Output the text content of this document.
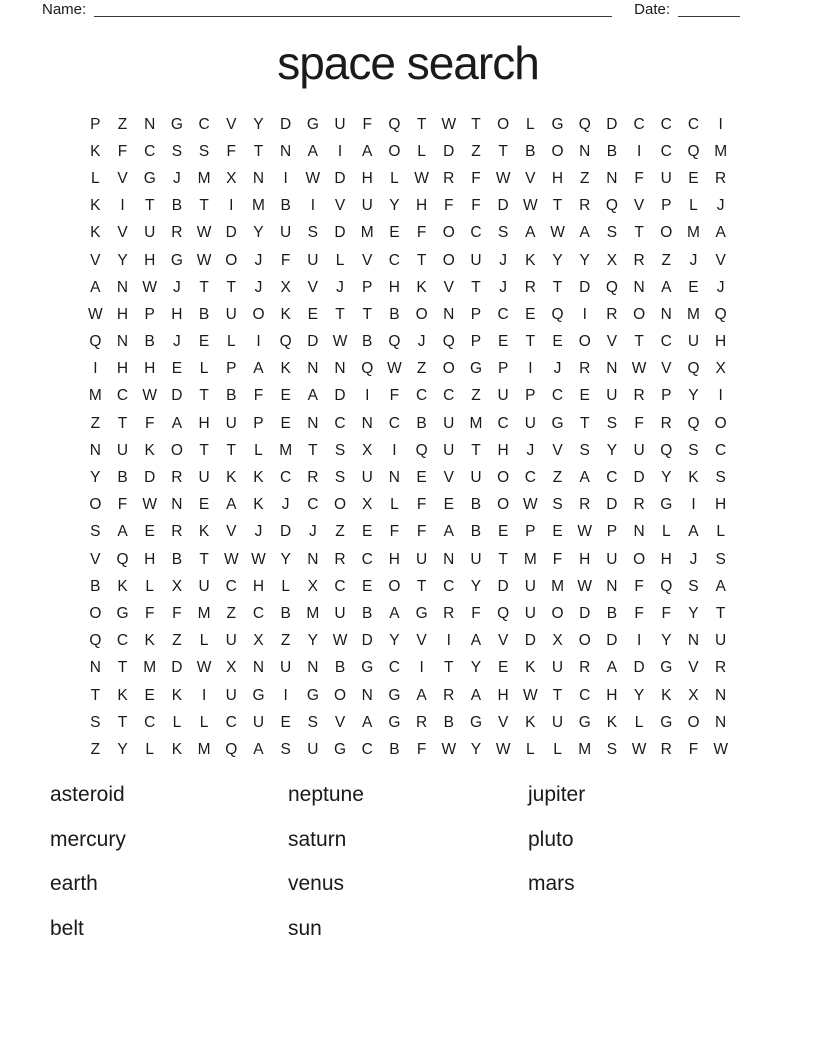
Name:	Date:
space search
P	Z	N	G	C	V	Y	D	G	U	F	Q	T W T	O	L	G Q	D	C	C	C	I
K	F	C	S	S	F	T	N	A	I	A	O	L	D	Z	T	B	O	N	B	I	C	Q M
L	V	G	J	M	X	N	I	W D	H	L	W R	F W V	H	Z	N	F	U	E	R
K	I	T	B	T	I	M	B	I	V	U	Y	H	F	F	D W T	R	Q	V	P	L	J
K	V	U	R W D	Y	U	S	D M	E	F	O	C	S	A W A	S	T	O M	A
V	Y	H	G W O	J	F	U	L	V	C	T	O	U	J	K	Y	Y	X	R	Z	J	V
A	N W	J	T	T	J	X	V	J	P	H	K	V	T	J	R	T	D	Q	N	A	E	J
W H	P	H	B	U	O	K	E	T	T	B	O	N	P	C	E	Q	I	R	O	N M Q
Q	N	B	J	E	L	I	Q	D W B	Q	J	Q	P	E	T	E	O	V	T	C	U	H
I	H	H	E	L	P	A	K	N	N	Q W Z	O G	P	I	J	R	N W V	Q	X
M C W D	T	B	F	E	A	D	I	F	C	C	Z	U	P	C	E	U	R	P	Y	I
Z	T	F	A	H	U	P	E	N	C	N	C	B	U M C	U	G	T	S	F	R	Q O
N	U	K	O	T	T	L	M	T	S	X	I	Q	U	T	H	J	V	S	Y	U	Q	S	C
Y	B	D	R	U	K	K	C	R	S	U	N	E	V	U	O	C	Z	A	C	D	Y	K	S
O	F W N	E	A	K	J	C	O	X	L	F	E	B	O W S	R	D	R	G	I	H
S	A	E	R	K	V	J	D	J	Z	E	F	F	A	B	E	P	E W P	N	L	A	L
V	Q	H	B	T W W Y	N	R	C	H	U	N	U	T	M	F	H	U	O	H	J	S
B	K	L	X	U	C	H	L	X	C	E	O	T	C	Y	D	U M W N	F	Q	S	A
O G	F	F	M	Z	C	B	M U	B	A	G	R	F	Q	U	O	D	B	F	F	Y	T
Q	C	K	Z	L	U	X	Z	Y W D	Y	V	I	A	V	D	X	O	D	I	Y	N	U
N	T	M D W X	N	U	N	B	G	C	I	T	Y	E	K	U	R	A	D	G	V	R
T	K	E	K	I	U	G	I	G O	N	G	A	R	A	H W T	C	H	Y	K	X	N
S	T	C	L	L	C	U	E	S	V	A	G	R	B	G	V	K	U	G	K	L	G O	N
Z	Y	L	K	M Q	A	S	U	G	C	B	F W Y W	L	L	M	S W R	F W
asteroid
mercury
earth
belt
neptune
saturn
venus
sun
jupiter
pluto
mars
